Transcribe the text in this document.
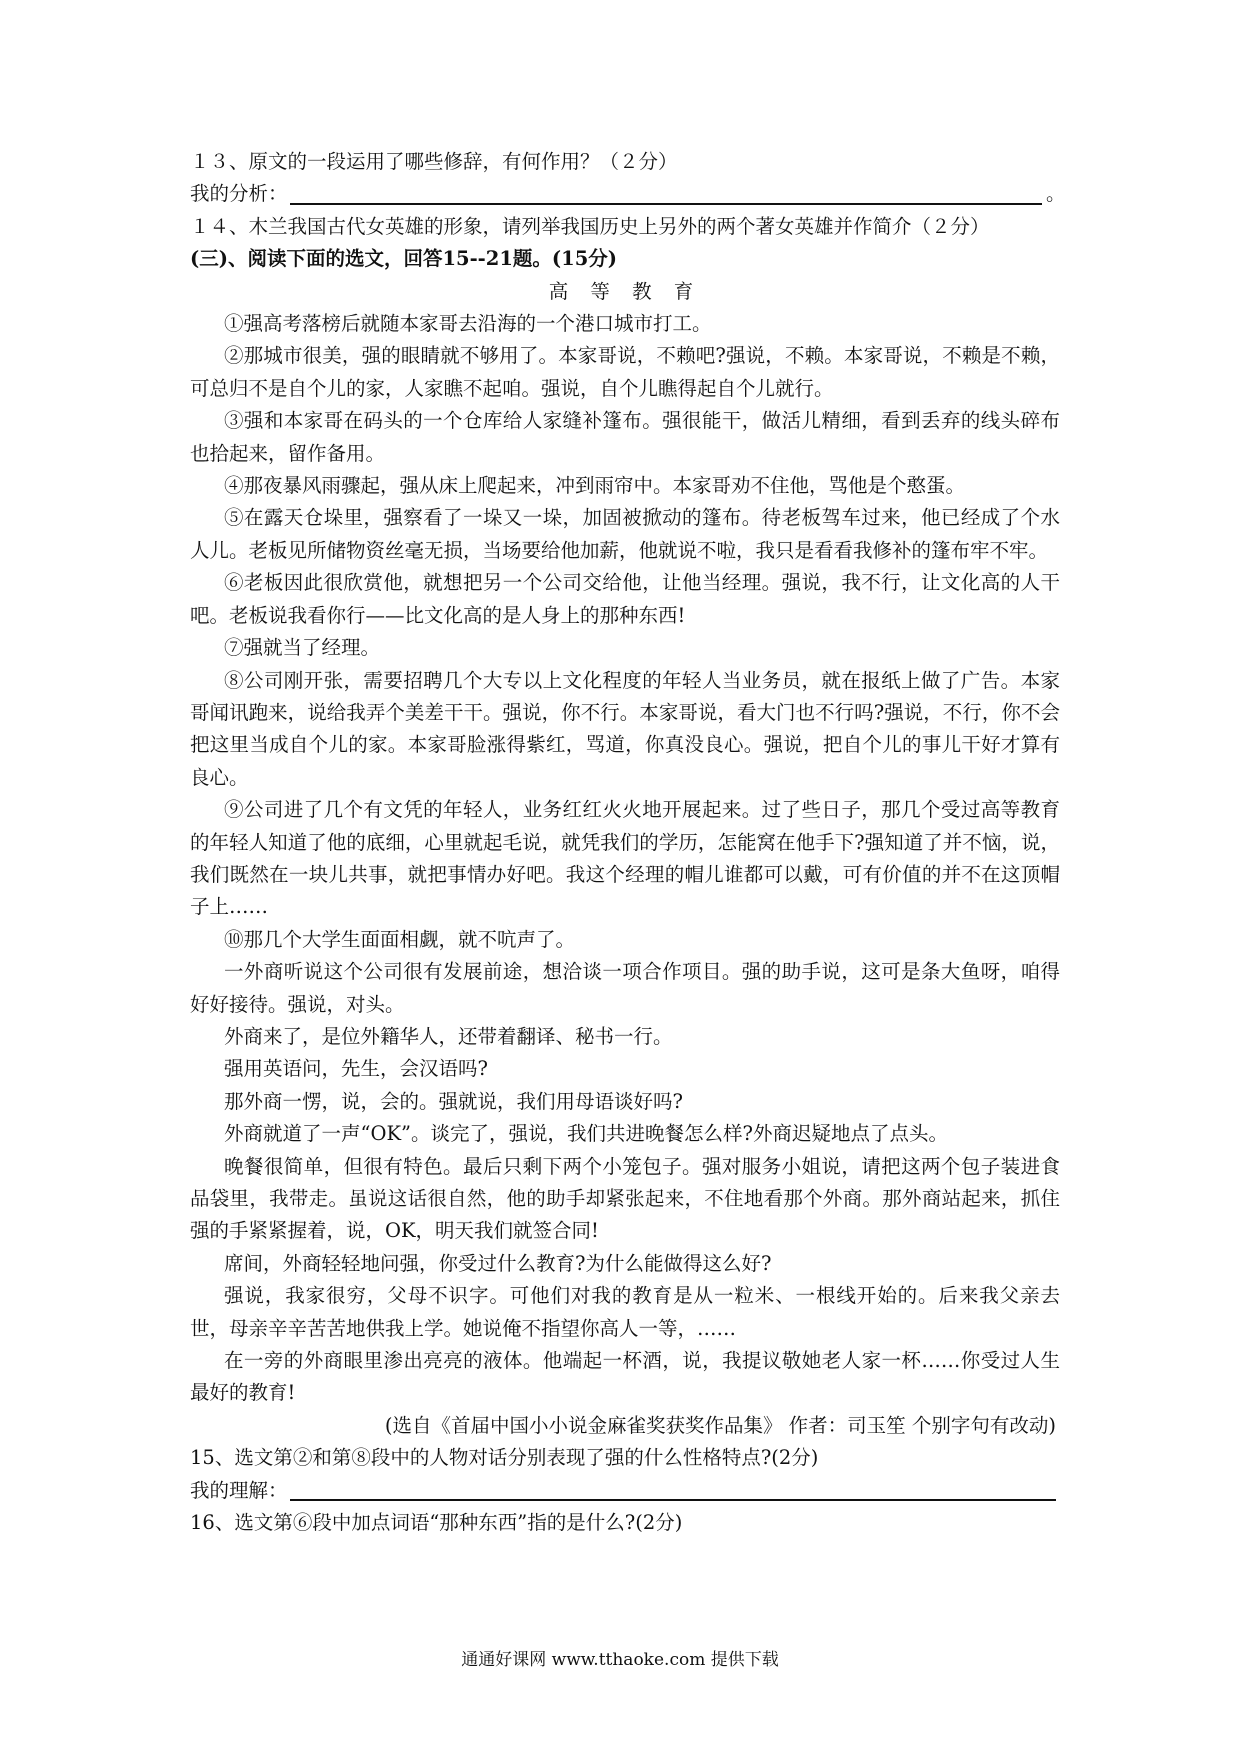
１３、原文的一段运用了哪些修辞，有何作用？（２分）
我的分析：	。
１４、木兰我国古代女英雄的形象，请列举我国历史上另外的两个著女英雄并作简介（２分）
(三)、阅读下面的选文，回答15--21题。(15分)
高 等 教 育
①强高考落榜后就随本家哥去沿海的一个港口城市打工。
②那城市很美，强的眼睛就不够用了。本家哥说，不赖吧?强说，不赖。本家哥说，不赖是不赖，可总归不是自个儿的家，人家瞧不起咱。强说，自个儿瞧得起自个儿就行。
③强和本家哥在码头的一个仓库给人家缝补篷布。强很能干，做活儿精细，看到丢弃的线头碎布也拾起来，留作备用。
④那夜暴风雨骤起，强从床上爬起来，冲到雨帘中。本家哥劝不住他，骂他是个憨蛋。
⑤在露天仓垛里，强察看了一垛又一垛，加固被掀动的篷布。待老板驾车过来，他已经成了个水人儿。老板见所储物资丝毫无损，当场要给他加薪，他就说不啦，我只是看看我修补的篷布牢不牢。
⑥老板因此很欣赏他，就想把另一个公司交给他，让他当经理。强说，我不行，让文化高的人干吧。老板说我看你行——比文化高的是人身上的那种东西!
⑦强就当了经理。
⑧公司刚开张，需要招聘几个大专以上文化程度的年轻人当业务员，就在报纸上做了广告。本家哥闻讯跑来，说给我弄个美差干干。强说，你不行。本家哥说，看大门也不行吗?强说，不行，你不会把这里当成自个儿的家。本家哥脸涨得紫红，骂道，你真没良心。强说，把自个儿的事儿干好才算有良心。
⑨公司进了几个有文凭的年轻人，业务红红火火地开展起来。过了些日子，那几个受过高等教育的年轻人知道了他的底细，心里就起毛说，就凭我们的学历，怎能窝在他手下?强知道了并不恼，说，我们既然在一块儿共事，就把事情办好吧。我这个经理的帽儿谁都可以戴，可有价值的并不在这顶帽子上……
⑩那几个大学生面面相觑，就不吭声了。
一外商听说这个公司很有发展前途，想洽谈一项合作项目。强的助手说，这可是条大鱼呀，咱得好好接待。强说，对头。
外商来了，是位外籍华人，还带着翻译、秘书一行。
强用英语问，先生，会汉语吗?
那外商一愣，说，会的。强就说，我们用母语谈好吗?
外商就道了一声“OK”。谈完了，强说，我们共进晚餐怎么样?外商迟疑地点了点头。
晚餐很简单，但很有特色。最后只剩下两个小笼包子。强对服务小姐说，请把这两个包子装进食品袋里，我带走。虽说这话很自然，他的助手却紧张起来，不住地看那个外商。那外商站起来，抓住强的手紧紧握着，说，OK，明天我们就签合同!
席间，外商轻轻地问强，你受过什么教育?为什么能做得这么好?
强说，我家很穷，父母不识字。可他们对我的教育是从一粒米、一根线开始的。后来我父亲去世，母亲辛辛苦苦地供我上学。她说俺不指望你高人一等，……
在一旁的外商眼里渗出亮亮的液体。他端起一杯酒，说，我提议敬她老人家一杯……你受过人生最好的教育!
(选自《首届中国小小说金麻雀奖获奖作品集》 作者：司玉笙 个别字句有改动)
15、选文第②和第⑧段中的人物对话分别表现了强的什么性格特点?(2分)
我的理解：
16、选文第⑥段中加点词语“那种东西”指的是什么?(2分)
通通好课网 www.tthaoke.com 提供下载
